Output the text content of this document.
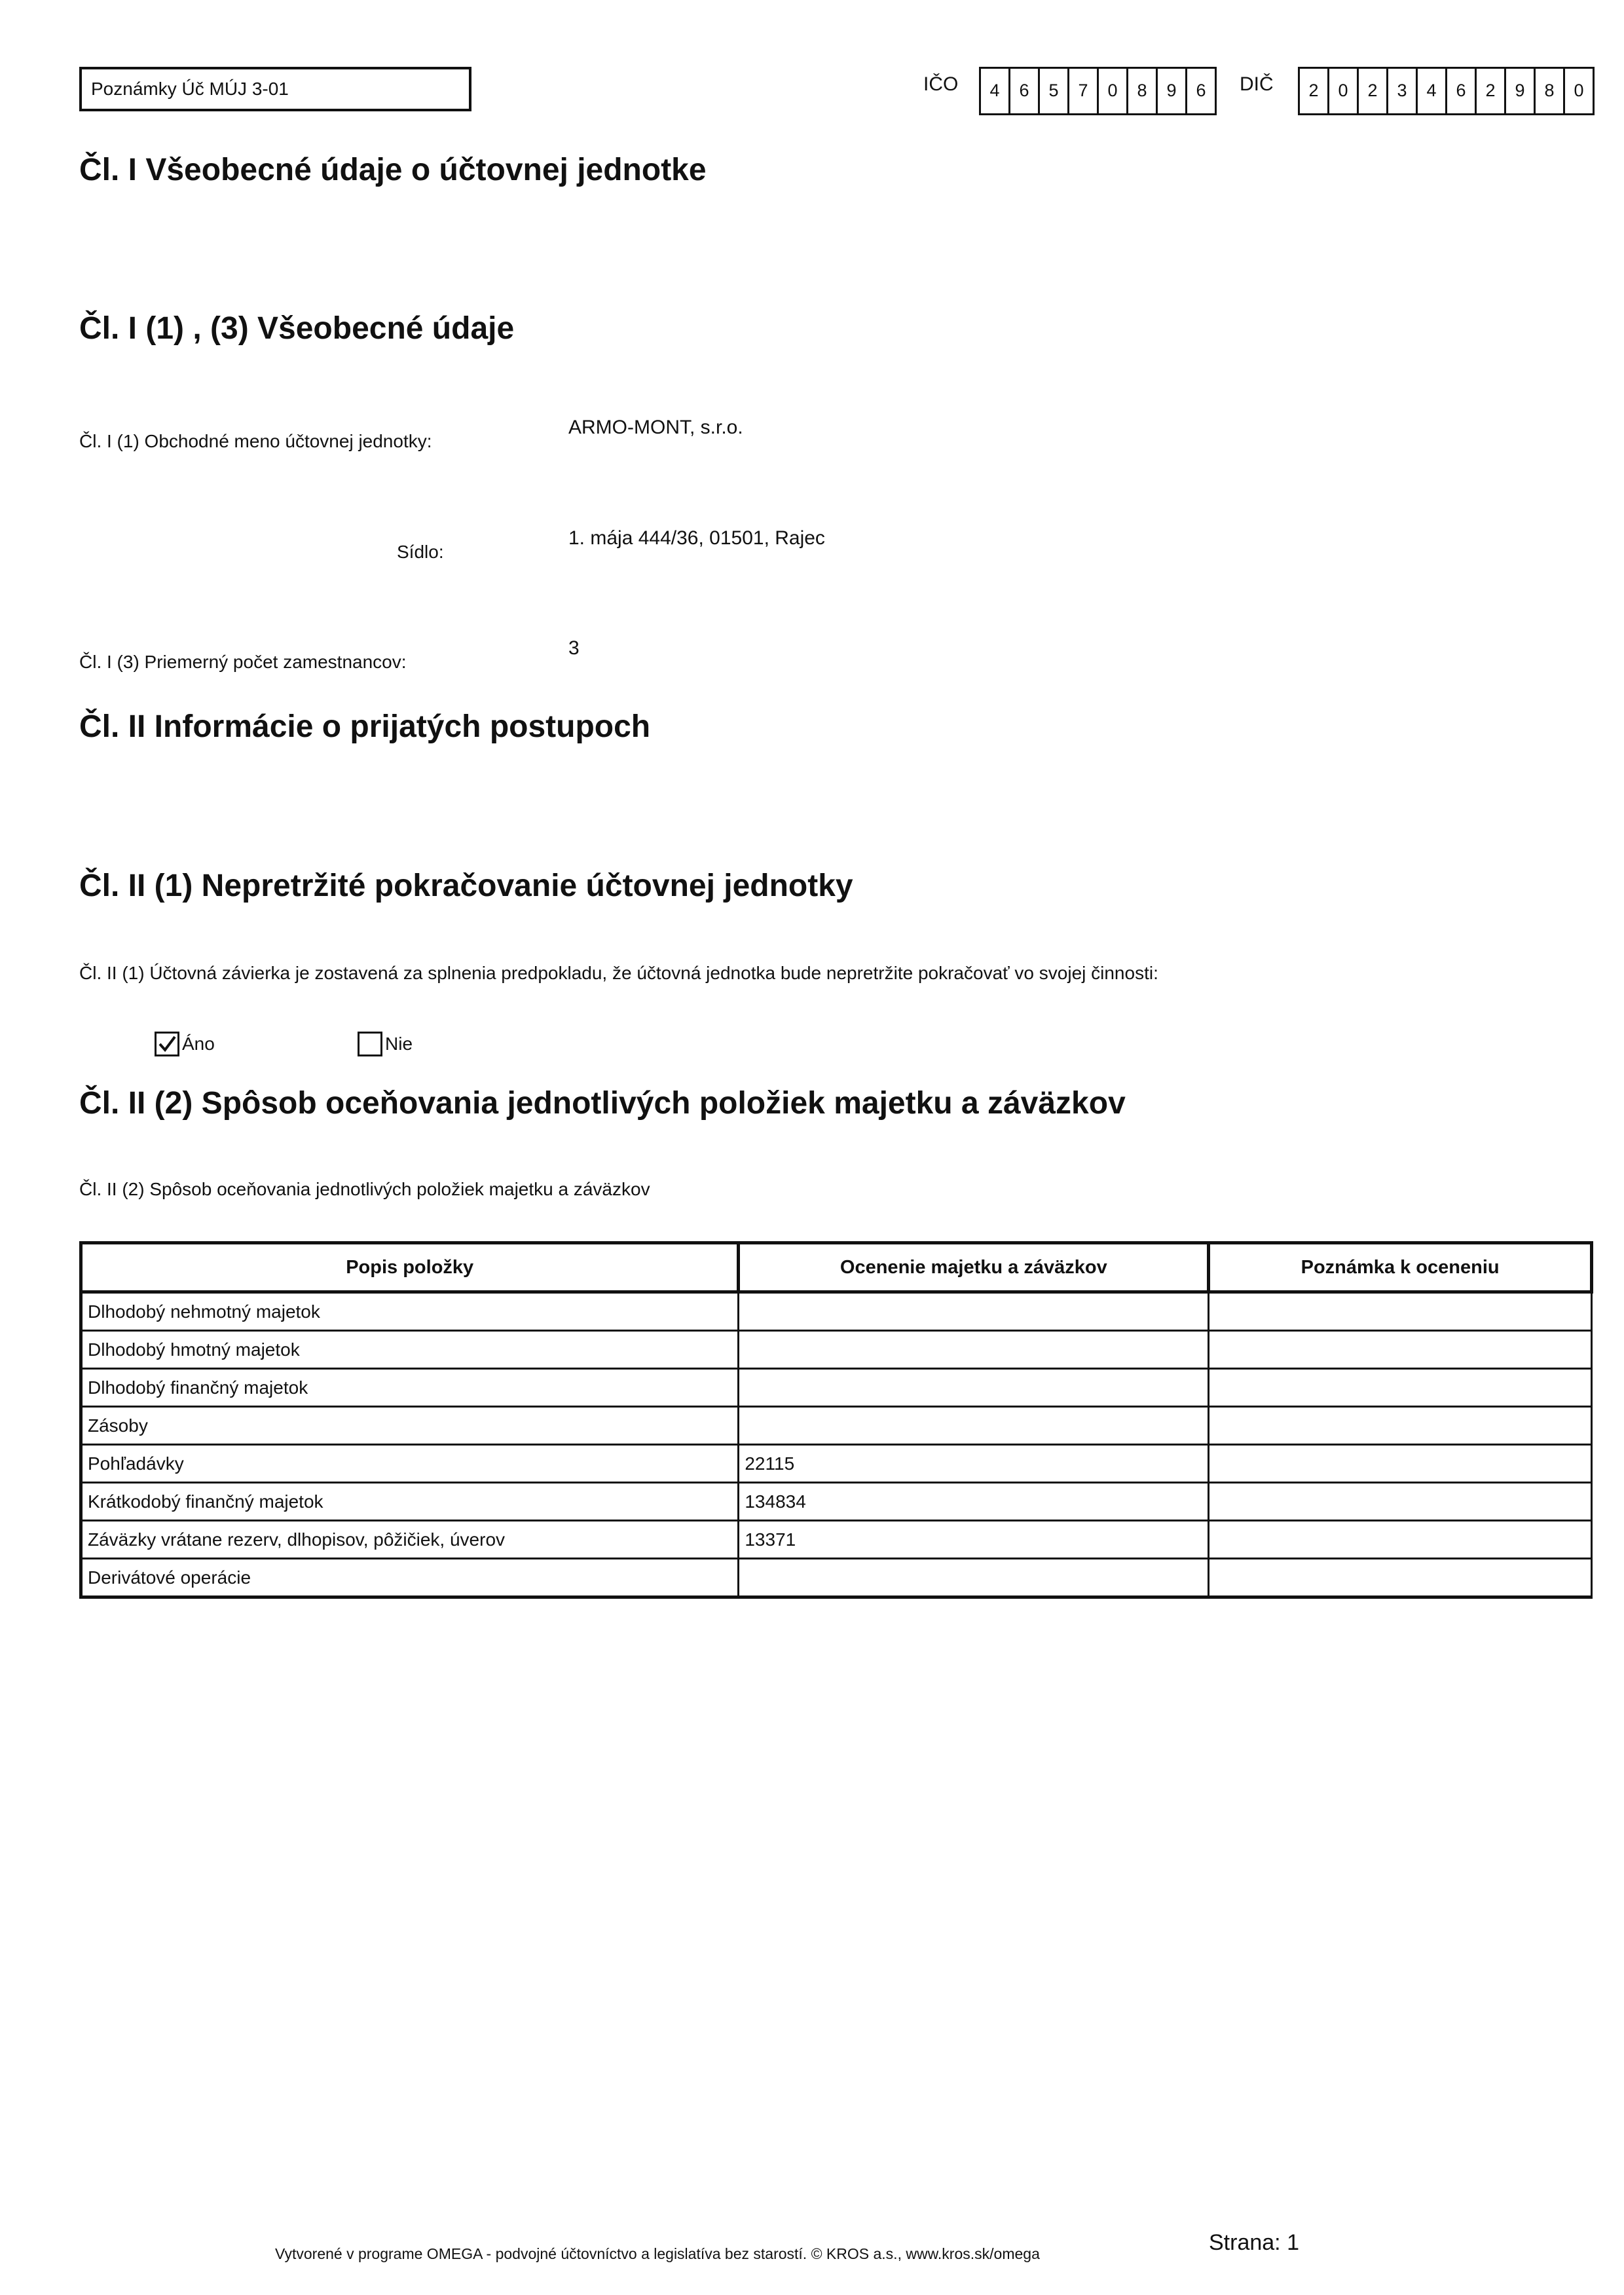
Poznámky Úč MÚJ 3-01	IČO	4	6	5	7	0	8	9	6	DIČ	2	0	2	3	4	6	2	9	8	0
Čl. I Všeobecné údaje o účtovnej jednotke
Čl. I (1) , (3) Všeobecné údaje
Čl. I (1) Obchodné meno účtovnej jednotky:
ARMO-MONT, s.r.o.
Sídlo:
1. mája 444/36, 01501, Rajec
Čl. I (3) Priemerný počet zamestnancov:
3
Čl. II Informácie o prijatých postupoch
Čl. II (1) Nepretržité pokračovanie účtovnej jednotky
Čl. II (1) Účtovná závierka je zostavená za splnenia predpokladu, že účtovná jednotka bude nepretržite pokračovať vo svojej činnosti:
Áno	Nie
Čl. II (2) Spôsob oceňovania jednotlivých položiek majetku a záväzkov
Čl. II (2) Spôsob oceňovania jednotlivých položiek majetku a záväzkov
Popis položky	Ocenenie majetku a záväzkov	Poznámka k oceneniu
Dlhodobý nehmotný majetok		
Dlhodobý hmotný majetok		
Dlhodobý finančný majetok		
Zásoby		
Pohľadávky	22115	
Krátkodobý finančný majetok	134834	
Záväzky vrátane rezerv, dlhopisov, pôžičiek, úverov	13371	
Derivátové operácie		
Vytvorené v programe OMEGA - podvojné účtovníctvo a legislatíva bez starostí. © KROS a.s., www.kros.sk/omega	Strana: 1
